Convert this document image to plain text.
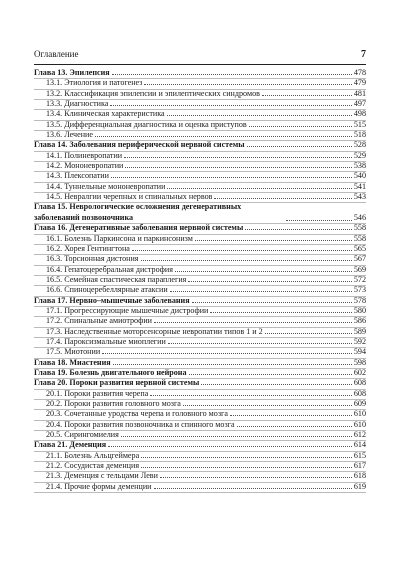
Оглавление	7
Глава 13. Эпилепсия	478
13.1. Этиология и патогенез	479
13.2. Классификация эпилепсии и эпилептических синдромов	481
13.3. Диагностика	497
13.4. Клиническая характеристика	498
13.5. Дифференциальная диагностика и оценка приступов	515
13.6. Лечение	518
Глава 14. Заболевания периферической нервной системы	528
14.1. Полиневропатии	529
14.2. Мононевропатии	538
14.3. Плексопатии	540
14.4. Туннельные мононевропатии	541
14.5. Невралгии черепных и спинальных нервов	543
Глава 15. Неврологические осложнения дегенеративных заболеваний позвоночника	546
Глава 16. Дегенеративные заболевания нервной системы	558
16.1. Болезнь Паркинсона и паркинсонизм	558
16.2. Хорея Гентингтона	565
16.3. Торсионная дистония	567
16.4. Гепатоцеребральная дистрофия	569
16.5. Семейная спастическая параплегия	572
16.6. Спиноцеребеллярные атаксии	573
Глава 17. Нервно–мышечные заболевания	578
17.1. Прогрессирующие мышечные дистрофии	580
17.2. Спинальные амиотрофии	586
17.3. Наследственные моторсенсорные невропатии типов 1 и 2	589
17.4. Пароксизмальные миоплегии	592
17.5. Миотонии	594
Глава 18. Миастения	598
Глава 19. Болезнь двигательного нейрона	602
Глава 20. Пороки развития нервной системы	608
20.1. Пороки развития черепа	608
20.2. Пороки развития головного мозга	609
20.3. Сочетанные уродства черепа и головного мозга	610
20.4. Пороки развития позвоночника и спинного мозга	610
20.5. Сирингомиелия	612
Глава 21. Деменция	614
21.1. Болезнь Альцгеймера	615
21.2. Сосудистая деменция	617
21.3. Деменция с тельцами Леви	618
21.4. Прочие формы деменции	619
